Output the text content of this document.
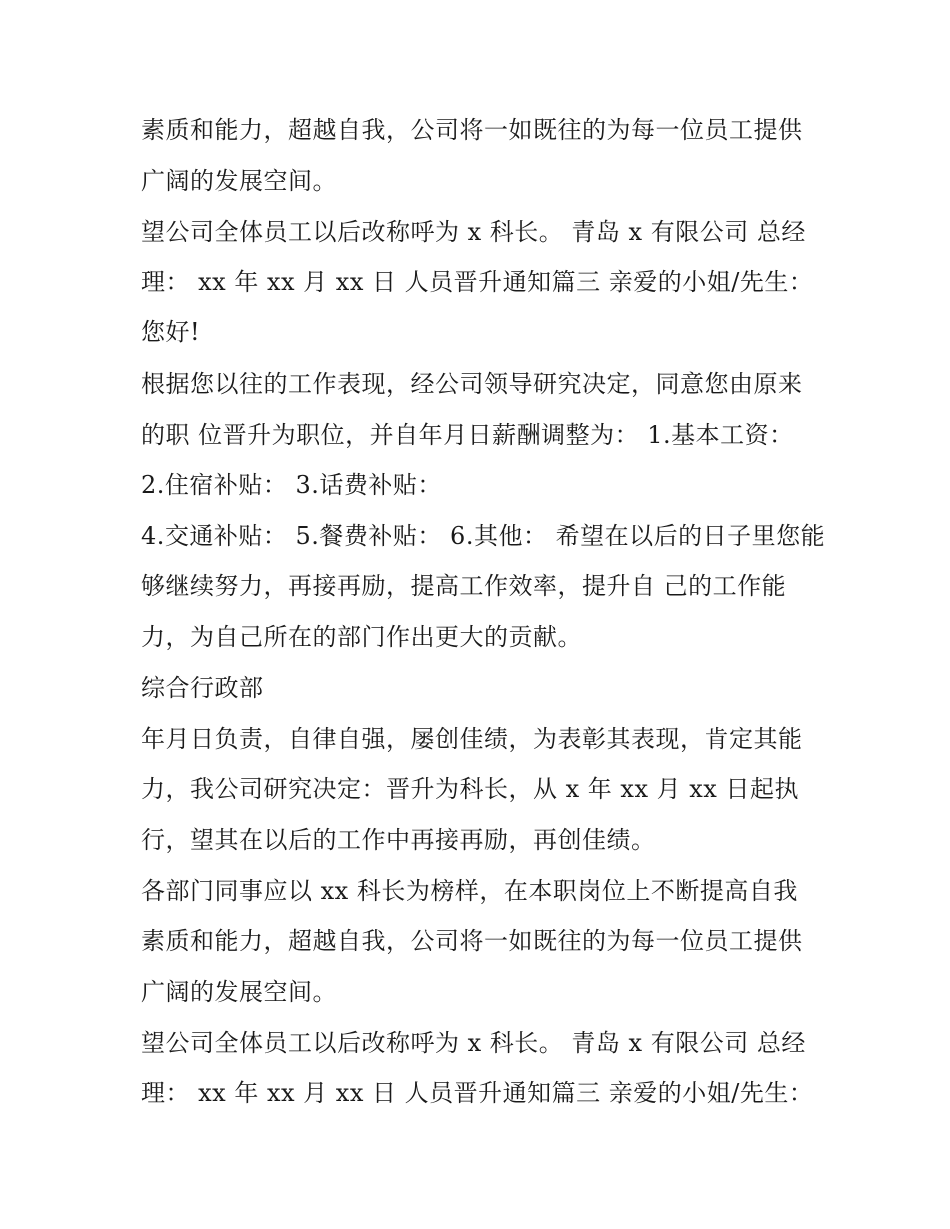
素质和能力，超越自我，公司将一如既往的为每一位员工提供
广阔的发展空间。
望公司全体员工以后改称呼为 x 科长。 青岛 x 有限公司 总经
理： xx 年 xx 月 xx 日 人员晋升通知篇三 亲爱的小姐/先生：
您好!
根据您以往的工作表现，经公司领导研究决定，同意您由原来
的职 位晋升为职位，并自年月日薪酬调整为： 1.基本工资：
2.住宿补贴： 3.话费补贴：
4.交通补贴： 5.餐费补贴： 6.其他： 希望在以后的日子里您能
够继续努力，再接再励，提高工作效率，提升自 己的工作能
力，为自己所在的部门作出更大的贡献。
综合行政部
年月日负责，自律自强，屡创佳绩，为表彰其表现，肯定其能
力，我公司研究决定：晋升为科长，从 x 年 xx 月 xx 日起执
行，望其在以后的工作中再接再励，再创佳绩。
各部门同事应以 xx 科长为榜样，在本职岗位上不断提高自我
素质和能力，超越自我，公司将一如既往的为每一位员工提供
广阔的发展空间。
望公司全体员工以后改称呼为 x 科长。 青岛 x 有限公司 总经
理： xx 年 xx 月 xx 日 人员晋升通知篇三 亲爱的小姐/先生：
